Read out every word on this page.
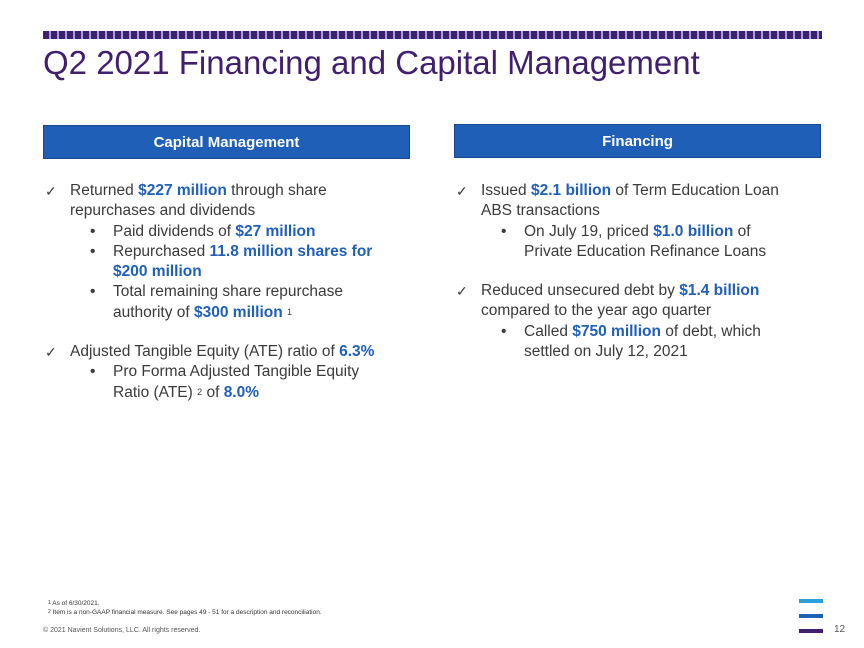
Q2 2021 Financing and Capital Management
Capital Management	Financing

✓ Returned $227 million through share
repurchases and dividends

• Paid dividends of $27 million

• Repurchased 11.8 million shares for
$200 million

• Total remaining share repurchase
authority of $300 million $^1$

✓ Adjusted Tangible Equity (ATE) ratio of 6.3%

• Pro Forma Adjusted Tangible Equity
Ratio (ATE) $^2$ of 8.0%

✓ Issued $2.1 billion of Term Education Loan
ABS transactions

• On July 19, priced $1.0 billion of
Private Education Refinance Loans

✓ Reduced unsecured debt by $1.4 billion
compared to the year ago quarter

• Called $750 million of debt, which
settled on July 12, 2021

$^1$ As of 6/30/2021.
$^2$ Item is a non-GAAP financial measure. See pages 49 - 51 for a description and reconciliation.
© 2021 Navient Solutions, LLC. All rights reserved.	12
